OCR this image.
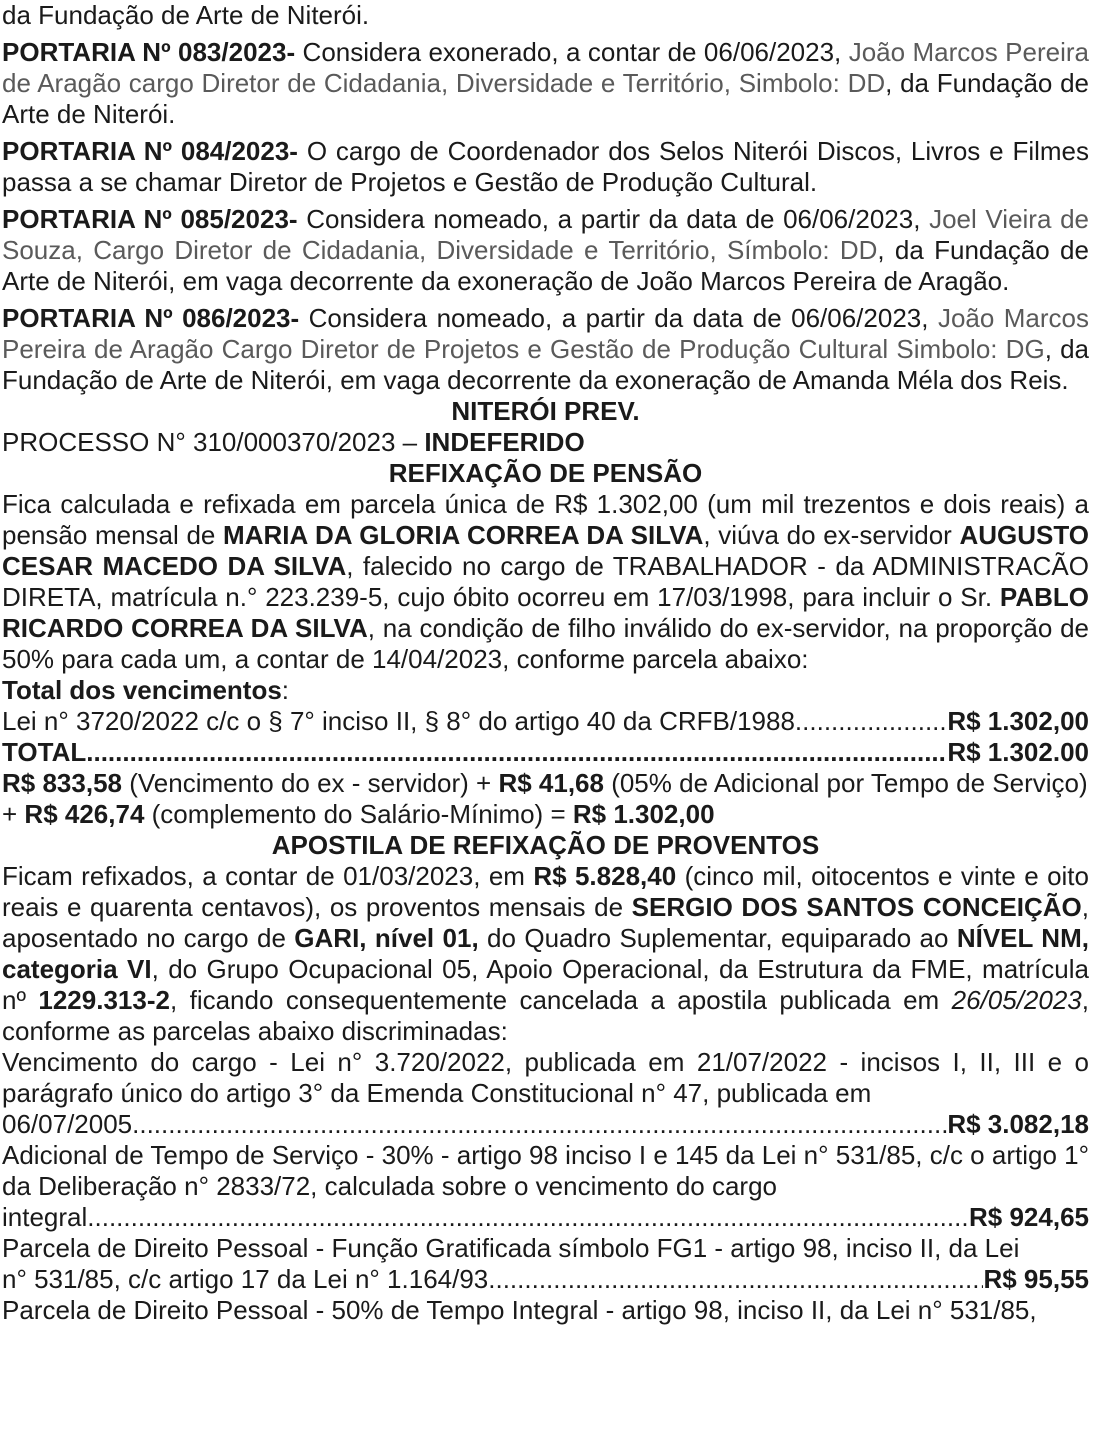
da Fundação de Arte de Niterói.

PORTARIA Nº 083/2023- Considera exonerado, a contar de 06/06/2023, João Marcos Pereira de Aragão cargo Diretor de Cidadania, Diversidade e Território, Simbolo: DD, da Fundação de Arte de Niterói.

PORTARIA Nº 084/2023- O cargo de Coordenador dos Selos Niterói Discos, Livros e Filmes passa a se chamar Diretor de Projetos e Gestão de Produção Cultural.

PORTARIA Nº 085/2023- Considera nomeado, a partir da data de 06/06/2023, Joel Vieira de Souza, Cargo Diretor de Cidadania, Diversidade e Território, Símbolo: DD, da Fundação de Arte de Niterói, em vaga decorrente da exoneração de João Marcos Pereira de Aragão.

PORTARIA Nº 086/2023- Considera nomeado, a partir da data de 06/06/2023, João Marcos Pereira de Aragão Cargo Diretor de Projetos e Gestão de Produção Cultural Simbolo: DG, da Fundação de Arte de Niterói, em vaga decorrente da exoneração de Amanda Méla dos Reis.

NITERÓI PREV.

PROCESSO N° 310/000370/2023 – INDEFERIDO

REFIXAÇÃO DE PENSÃO

Fica calculada e refixada em parcela única de R$ 1.302,00 (um mil trezentos e dois reais) a pensão mensal de MARIA DA GLORIA CORREA DA SILVA, viúva do ex-servidor AUGUSTO CESAR MACEDO DA SILVA, falecido no cargo de TRABALHADOR - da ADMINISTRACÃO DIRETA, matrícula n.° 223.239-5, cujo óbito ocorreu em 17/03/1998, para incluir o Sr. PABLO RICARDO CORREA DA SILVA, na condição de filho inválido do ex-servidor, na proporção de 50% para cada um, a contar de 14/04/2023, conforme parcela abaixo:

Total dos vencimentos:

Lei n° 3720/2022 c/c o § 7° inciso II, § 8° do artigo 40 da CRFB/1988 .....	R$ 1.302,00
TOTAL .....	R$ 1.302.00

R$ 833,58 (Vencimento do ex - servidor) + R$ 41,68 (05% de Adicional por Tempo de Serviço) + R$ 426,74 (complemento do Salário-Mínimo) = R$ 1.302,00

APOSTILA DE REFIXAÇÃO DE PROVENTOS

Ficam refixados, a contar de 01/03/2023, em R$ 5.828,40 (cinco mil, oitocentos e vinte e oito reais e quarenta centavos), os proventos mensais de SERGIO DOS SANTOS CONCEIÇÃO, aposentado no cargo de GARI, nível 01, do Quadro Suplementar, equiparado ao NÍVEL NM, categoria VI, do Grupo Ocupacional 05, Apoio Operacional, da Estrutura da FME, matrícula nº 1229.313-2, ficando consequentemente cancelada a apostila publicada em 26/05/2023, conforme as parcelas abaixo discriminadas:

Vencimento do cargo - Lei n° 3.720/2022, publicada em 21/07/2022 - incisos I, II, III e o parágrafo único do artigo 3° da Emenda Constitucional n° 47, publicada em

06/07/2005 .....	R$ 3.082,18

Adicional de Tempo de Serviço - 30% - artigo 98 inciso I e 145 da Lei n° 531/85, c/c o artigo 1° da Deliberação n° 2833/72, calculada sobre o vencimento do cargo

integral .....	R$ 924,65

Parcela de Direito Pessoal - Função Gratificada símbolo FG1 - artigo 98, inciso II, da Lei

n° 531/85, c/c artigo 17 da Lei n° 1.164/93 .....	R$ 95,55

Parcela de Direito Pessoal - 50% de Tempo Integral - artigo 98, inciso II, da Lei n° 531/85,
